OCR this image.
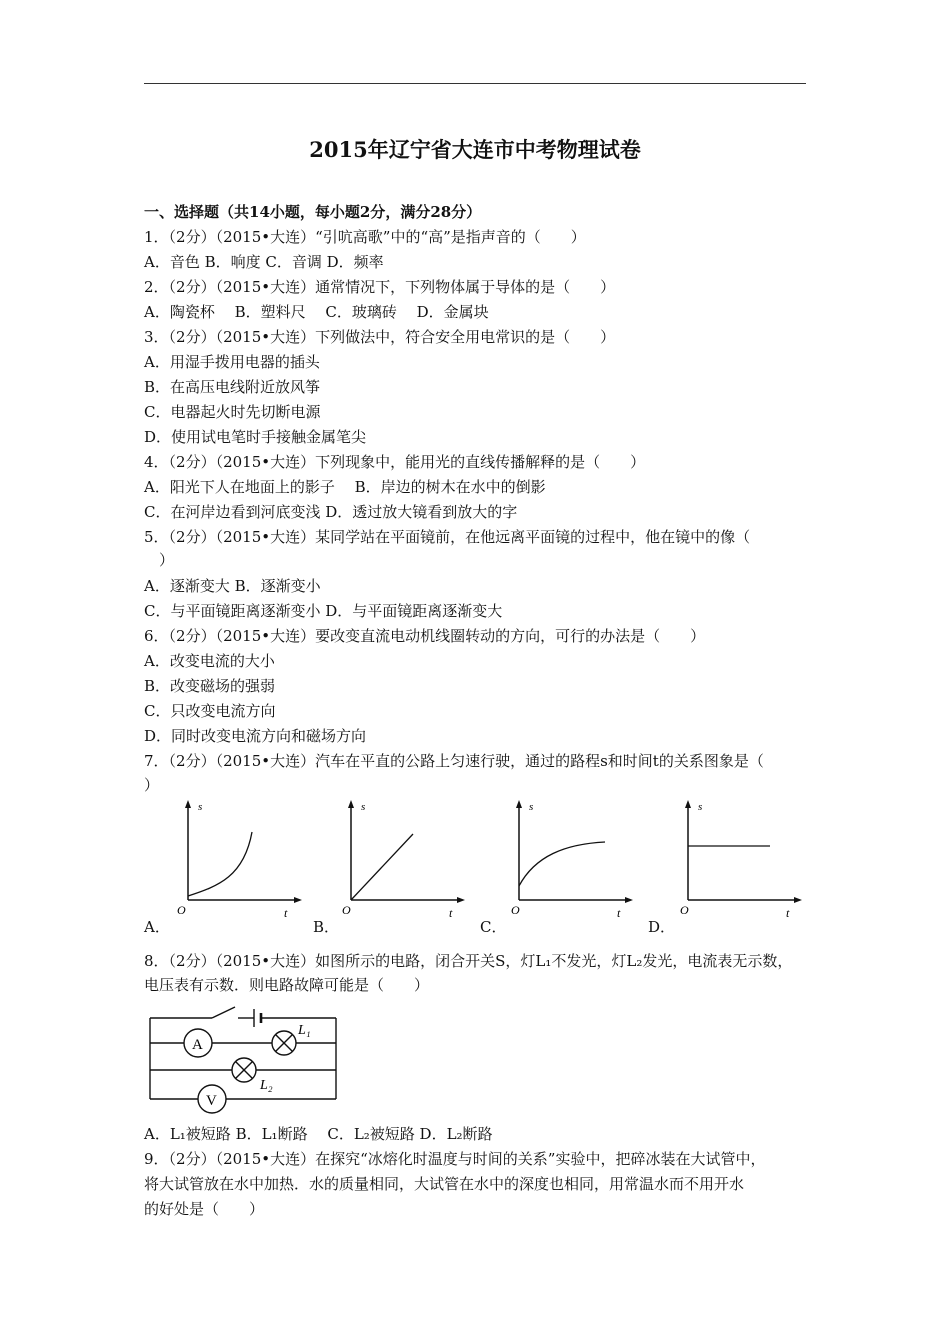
2015年辽宁省大连市中考物理试卷
一、选择题（共14小题，每小题2分，满分28分）
1．（2分）（2015•大连）“引吭高歌”中的“高”是指声音的（　　）
A．音色 B．响度 C．音调 D．频率
2．（2分）（2015•大连）通常情况下，下列物体属于导体的是（　　）
A．陶瓷杯　 B．塑料尺　 C．玻璃砖　 D．金属块
3．（2分）（2015•大连）下列做法中，符合安全用电常识的是（　　）
A．用湿手拨用电器的插头
B．在高压电线附近放风筝
C．电器起火时先切断电源
D．使用试电笔时手接触金属笔尖
4．（2分）（2015•大连）下列现象中，能用光的直线传播解释的是（　　）
A．阳光下人在地面上的影子　 B．岸边的树木在水中的倒影
C．在河岸边看到河底变浅 D．透过放大镜看到放大的字
5．（2分）（2015•大连）某同学站在平面镜前，在他远离平面镜的过程中，他在镜中的像（
　）
A．逐渐变大 B．逐渐变小
C．与平面镜距离逐渐变小 D．与平面镜距离逐渐变大
6．（2分）（2015•大连）要改变直流电动机线圈转动的方向，可行的办法是（　　）
A．改变电流的大小
B．改变磁场的强弱
C．只改变电流方向
D．同时改变电流方向和磁场方向
7．（2分）（2015•大连）汽车在平直的公路上匀速行驶，通过的路程s和时间t的关系图象是（
）
s
t
O
s
t
O
s
t
O
s
t
O
A．	B．	C．	D．
8．（2分）（2015•大连）如图所示的电路，闭合开关S，灯L₁不发光，灯L₂发光，电流表无示数，
电压表有示数．则电路故障可能是（　　）
A
V
L₁
L₂
A．L₁被短路 B．L₁断路　 C．L₂被短路 D．L₂断路
9．（2分）（2015•大连）在探究“冰熔化时温度与时间的关系”实验中，把碎冰装在大试管中，
将大试管放在水中加热．水的质量相同，大试管在水中的深度也相同，用常温水而不用开水
的好处是（　　）
